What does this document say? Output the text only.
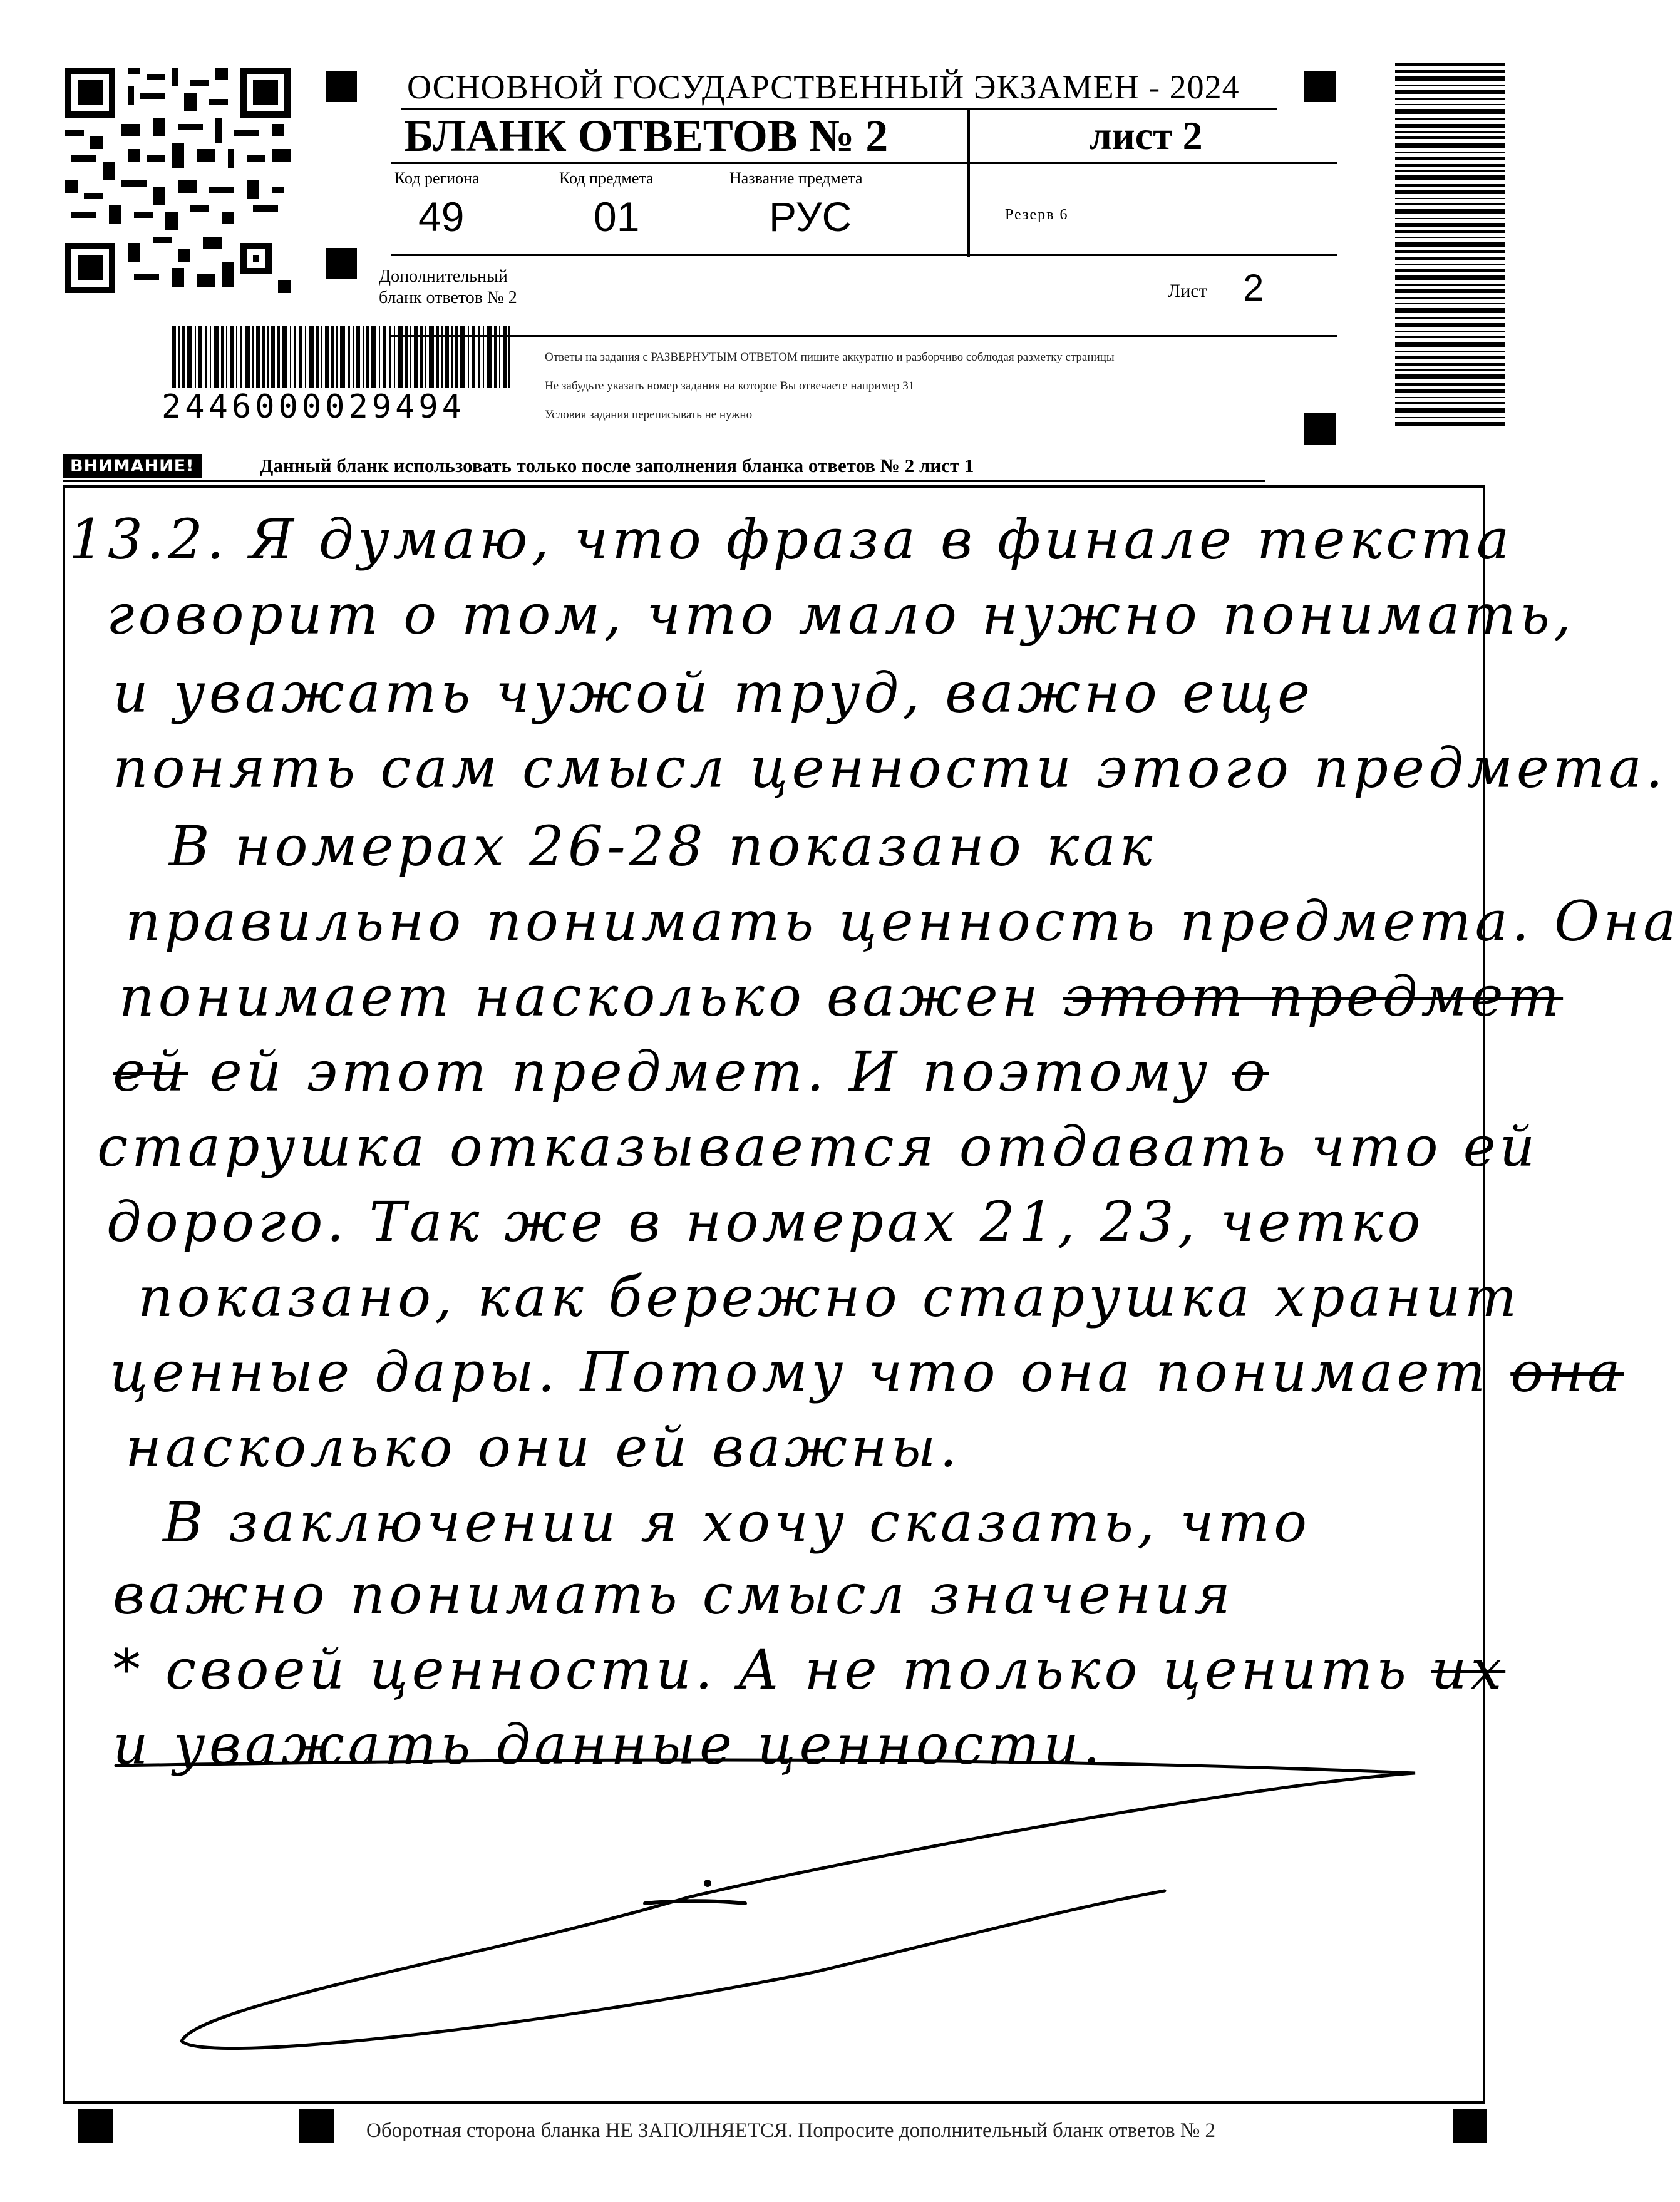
2446000029494
ОСНОВНОЙ ГОСУДАРСТВЕННЫЙ ЭКЗАМЕН - 2024
БЛАНК ОТВЕТОВ № 2	лист 2
Код региона
49
Код предмета
01
Название предмета
РУС	Резерв 6
Дополнительный
бланк ответов № 2	Лист 2
Ответы на задания с РАЗВЕРНУТЫМ ОТВЕТОМ пишите аккуратно и разборчиво соблюдая разметку страницы
Не забудьте указать номер задания на которое Вы отвечаете например 31
Условия задания переписывать не нужно
ВНИМАНИЕ!	Данный бланк использовать только после заполнения бланка ответов № 2 лист 1
13.2. Я думаю, что фраза в финале текста
говорит о том, что мало нужно понимать,
и уважать чужой труд, важно еще
понять сам смысл ценности этого предмета.
В номерах 26-28 показано как
правильно понимать ценность предмета. Она
понимает насколько важен этот предмет
ей ей этот предмет. И поэтому о
старушка отказывается отдавать что ей
дорого. Так же в номерах 21, 23, четко
показано, как бережно старушка хранит
ценные дары. Потому что она понимает она
насколько они ей важны.
В заключении я хочу сказать, что
важно понимать смысл значения
* своей ценности. А не только ценить их
и уважать данные ценности.
Оборотная сторона бланка НЕ ЗАПОЛНЯЕТСЯ. Попросите дополнительный бланк ответов № 2
